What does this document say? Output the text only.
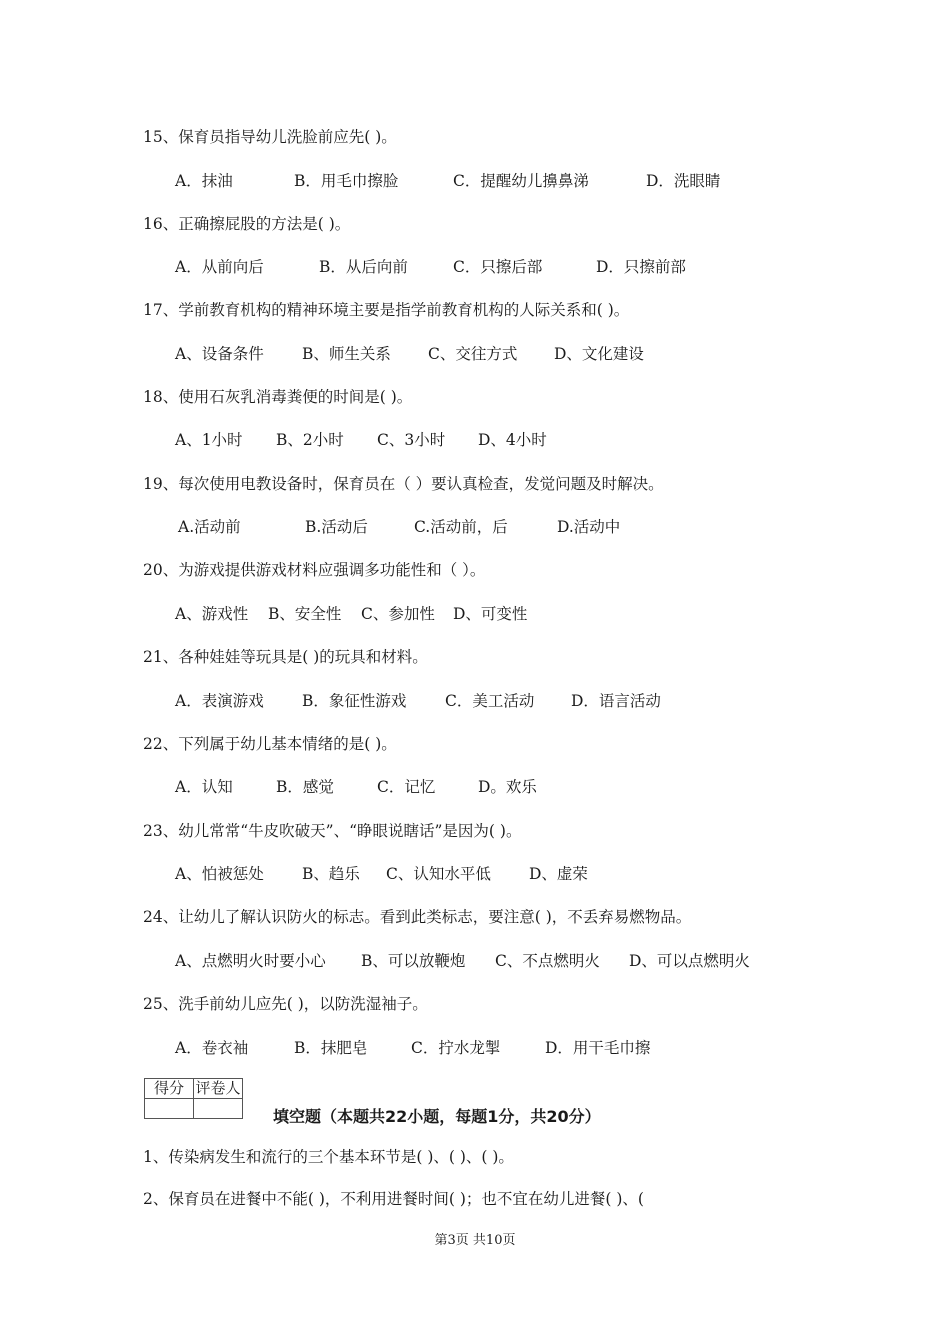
15、保育员指导幼儿洗脸前应先( )。
A．抹油	B．用毛巾擦脸	C．提醒幼儿擤鼻涕	D．洗眼睛
16、正确擦屁股的方法是( )。
A．从前向后	B．从后向前	C．只擦后部	D．只擦前部
17、学前教育机构的精神环境主要是指学前教育机构的人际关系和( )。
A、设备条件 B、师生关系 C、交往方式 D、文化建设
18、使用石灰乳消毒粪便的时间是( )。
A、1小时 B、2小时 C、3小时 D、4小时
19、每次使用电教设备时，保育员在（ ）要认真检查，发觉问题及时解决。
A.活动前	B.活动后	C.活动前，后	D.活动中
20、为游戏提供游戏材料应强调多功能性和（ ）。
A、游戏性 B、安全性 C、参加性 D、可变性
21、各种娃娃等玩具是( )的玩具和材料。
A．表演游戏 B．象征性游戏 C．美工活动 D．语言活动
22、下列属于幼儿基本情绪的是( )。
A．认知	B．感觉	C．记忆	D。欢乐
23、幼儿常常“牛皮吹破天”、“睁眼说瞎话”是因为( )。
A、怕被惩处 B、趋乐 C、认知水平低 D、虚荣
24、让幼儿了解认识防火的标志。看到此类标志，要注意( )，不丢弃易燃物品。
A、点燃明火时要小心 B、可以放鞭炮 C、不点燃明火 D、可以点燃明火
25、洗手前幼儿应先( )，以防洗湿袖子。
A．卷衣袖	B．抹肥皂	C．拧水龙掣	D．用干毛巾擦
得分	评卷人

填空题（本题共22小题，每题1分，共20分）
1、传染病发生和流行的三个基本环节是( )、( )、( )。
2、保育员在进餐中不能( )，不利用进餐时间( )；也不宜在幼儿进餐( )、(
第3页 共10页
